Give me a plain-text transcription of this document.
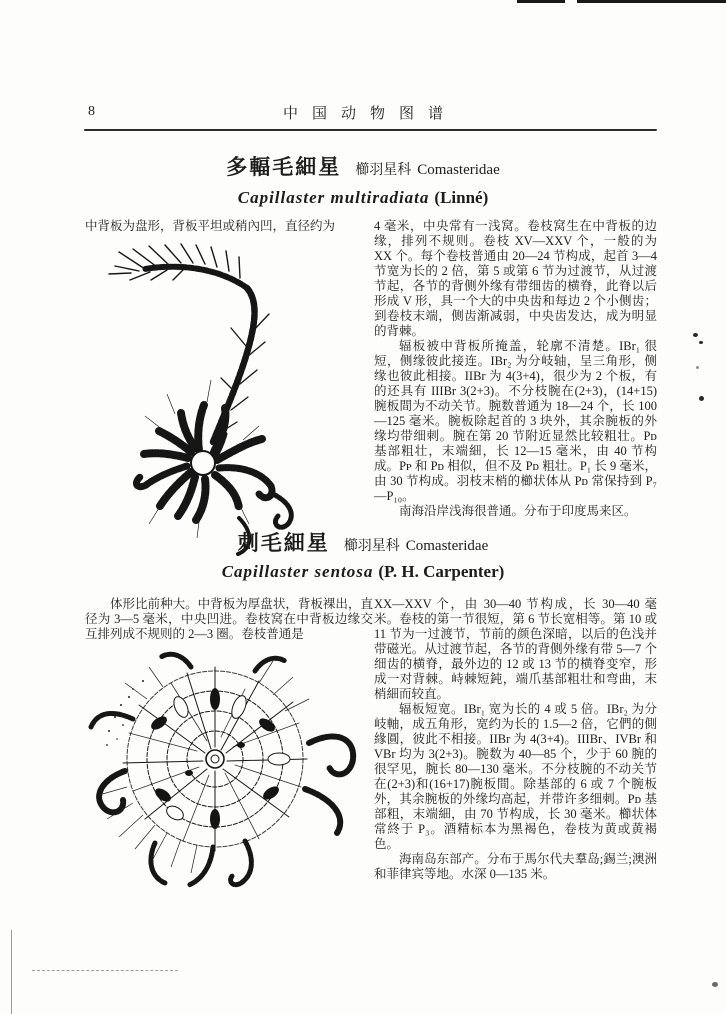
8	中国动物图谱
多輻毛細星 櫛羽星科 Comasteridae
Capillaster multiradiata (Linné)

中背板为盘形，背板平坦或稍內凹，直径约为	4 毫米，中央常有一浅窝。卷枝窝生在中背板的边缘，排列不规则。卷枝 XV—XXV 个，一般的为 XX 个。每个卷枝普通由 20—24 节构成，起首 3—4 节宽为长的 2 倍，第 5 或第 6 节为过渡节，从过渡节起，各节的背侧外缘有带细齿的横脊，此脊以后形成 V 形，具一个大的中央齿和每边 2 个小侧齿；到卷枝末端，侧齿渐减弱，中央齿发达，成为明显的背棘。

辐板被中背板所掩盖，轮廓不清楚。IBr₁ 很短，侧缘彼此接连。IBr₂ 为分岐轴，呈三角形，侧缘也彼此相接。IIBr 为 4(3+4)，很少为 2 个板，有的还具有 IIIBr 3(2+3)。不分枝腕在(2+3)，(14+15)腕板間为不动关节。腕数普通为 18—24 个，长 100—125 毫米。腕板除起首的 3 块外，其余腕板的外缘均带细刺。腕在第 20 节附近显然比较粗壮。Pᴅ 基部粗壮，末端細，长 12—15 毫米，由 40 节构成。Pᴘ 和 Pᴅ 相似，但不及 Pᴅ 粗壮。P₁ 长 9 毫米，由 30 节构成。羽枝末梢的櫛状体从 Pᴅ 常保持到 P₇—P₁₀。

南海沿岸浅海很普通。分布于印度馬来区。

刺毛細星 櫛羽星科 Comasteridae
Capillaster sentosa (P. H. Carpenter)

体形比前种大。中背板为厚盘状，背板裸出，直径为 3—5 毫米，中央凹进。卷枝窝在中背板边缘交互排列成不规则的 2—3 圈。卷枝普通是

XX—XXV 个，由 30—40 节构成，长 30—40 毫米。卷枝的第一节很短，第 6 节长宽相等。第 10 或 11 节为一过渡节，节前的颜色深暗，以后的色浅并带磁光。从过渡节起，各节的背侧外缘有带 5—7 个细齿的横脊，最外边的 12 或 13 节的横脊变窄，形成一对背棘。峙棘短鈍，端爪基部粗壮和弯曲，末梢細而较直。

辐板短宽。IBr₁ 宽为长的 4 或 5 倍。IBr₂ 为分岐軸，成五角形，宽约为长的 1.5—2 倍，它們的側緣圓，彼此不相接。IIBr 为 4(3+4)。IIIBr、IVBr 和 VBr 均为 3(2+3)。腕数为 40—85 个，少于 60 腕的很罕见，腕长 80—130 毫米。不分枝腕的不动关节在(2+3)和(16+17)腕板間。除基部的 6 或 7 个腕板外，其余腕板的外缘均高起，并带许多细刺。Pᴅ 基部粗，末端細，由 70 节构成，长 30 毫米。櫛状体常終于 P₃。酒精标本为黑褐色，卷枝为黄或黄褐色。

海南岛东部产。分布于馬尔代夫羣岛;錫兰;澳洲和菲律宾等地。水深 0—135 米。
